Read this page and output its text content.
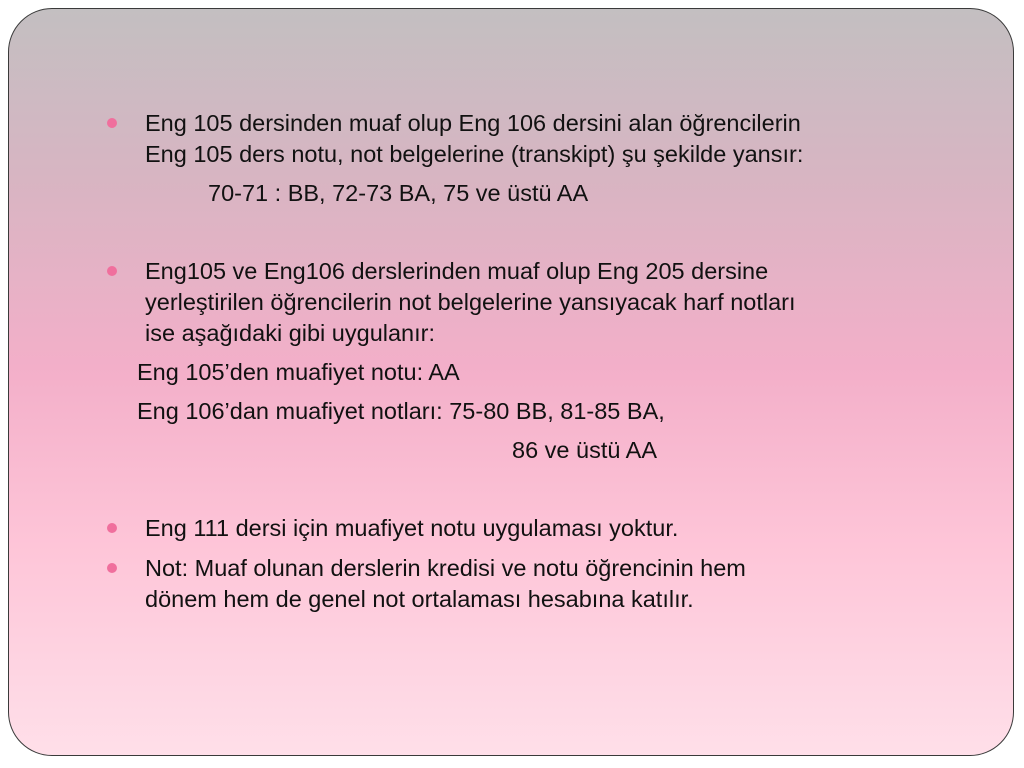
Eng 105 dersinden muaf olup Eng 106 dersini alan öğrencilerin

Eng 105 ders notu, not belgelerine (transkipt) şu şekilde yansır:

70-71 : BB, 72-73 BA, 75 ve üstü AA

Eng105 ve Eng106 derslerinden muaf olup Eng 205 dersine

yerleştirilen öğrencilerin not belgelerine yansıyacak harf notları

ise aşağıdaki gibi uygulanır:

Eng 105’den muafiyet notu: AA

Eng 106’dan muafiyet notları: 75-80 BB, 81-85 BA,

86 ve üstü AA

Eng 111 dersi için muafiyet notu uygulaması yoktur.

Not: Muaf olunan derslerin kredisi ve notu öğrencinin hem

dönem hem de genel not ortalaması hesabına katılır.
